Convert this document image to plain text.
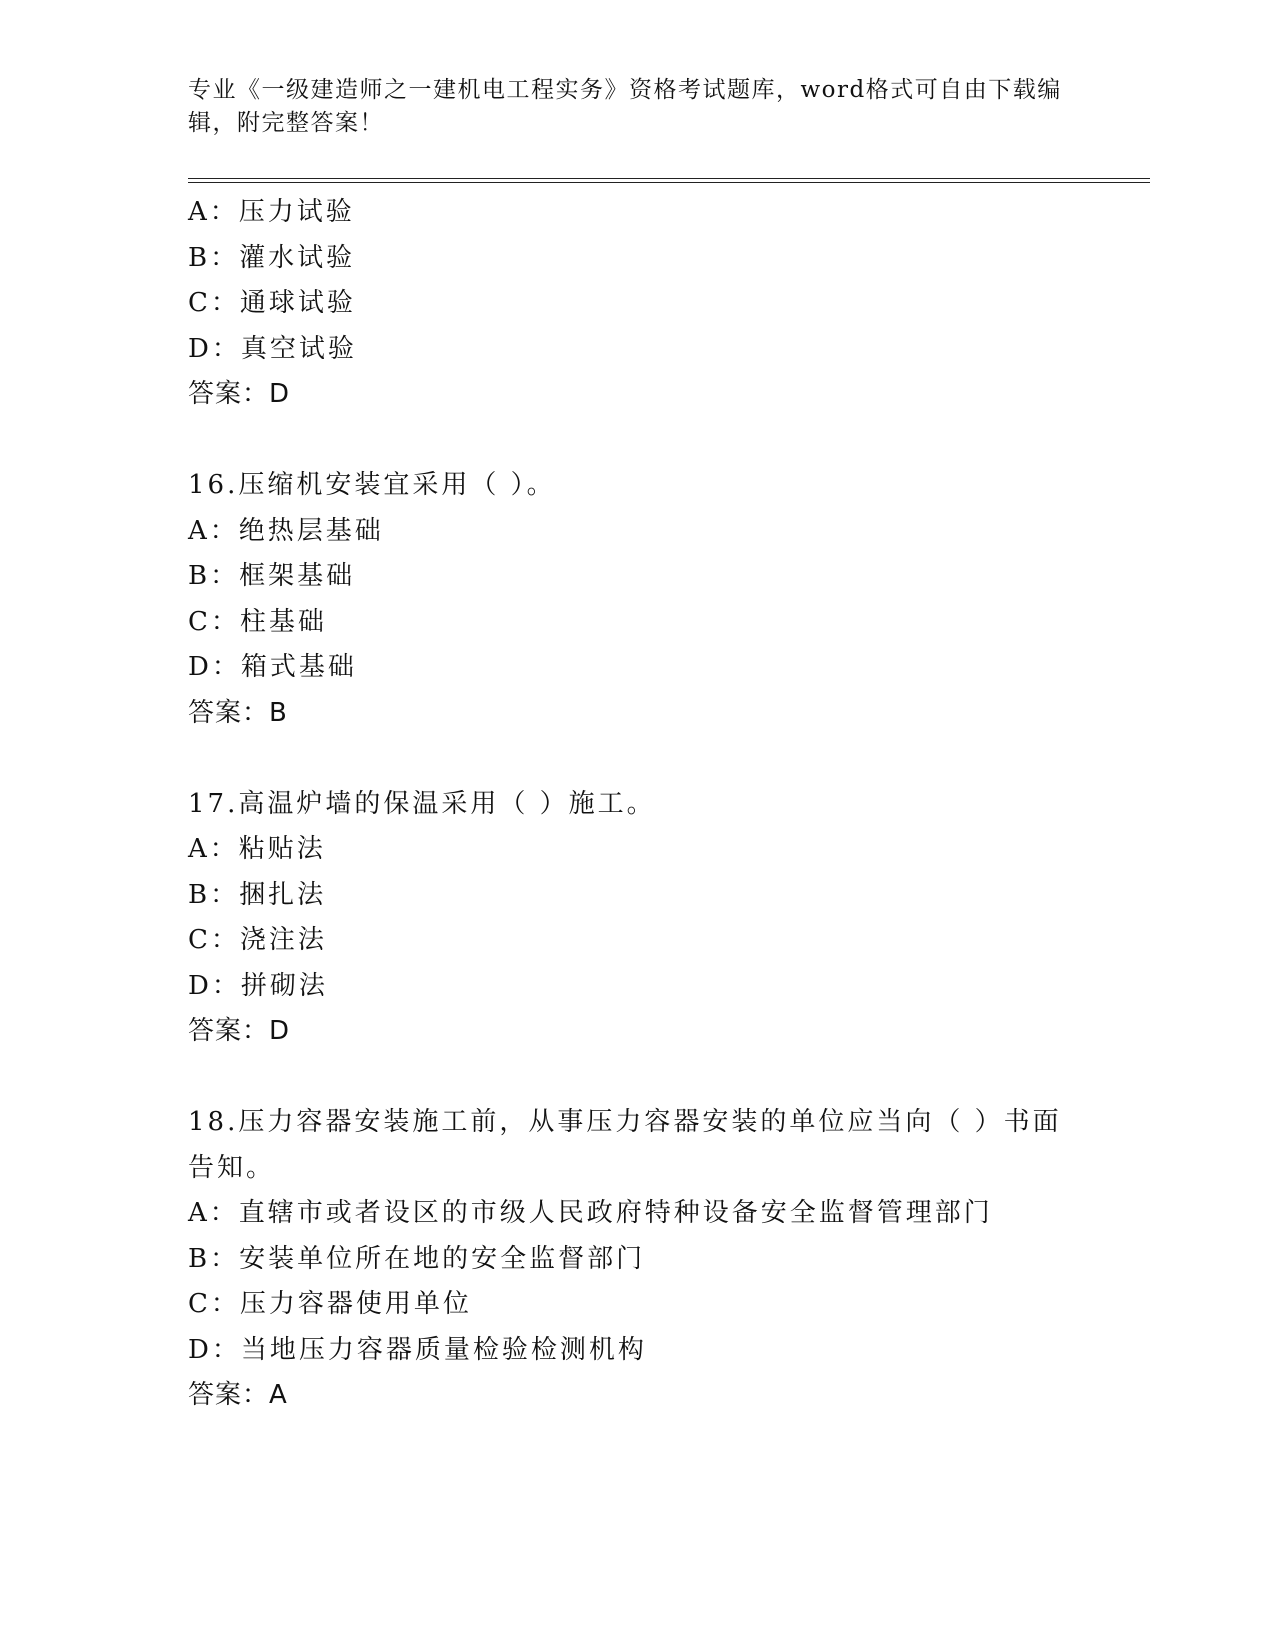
专业《一级建造师之一建机电工程实务》资格考试题库，word格式可自由下载编辑，附完整答案！
A：压力试验
B：灌水试验
C：通球试验
D：真空试验
答案：D
16.压缩机安装宜采用（ ）。
A：绝热层基础
B：框架基础
C：柱基础
D：箱式基础
答案：B
17.高温炉墙的保温采用（ ）施工。
A：粘贴法
B：捆扎法
C：浇注法
D：拼砌法
答案：D
18.压力容器安装施工前，从事压力容器安装的单位应当向（ ）书面告知。
A：直辖市或者设区的市级人民政府特种设备安全监督管理部门
B：安装单位所在地的安全监督部门
C：压力容器使用单位
D：当地压力容器质量检验检测机构
答案：A
